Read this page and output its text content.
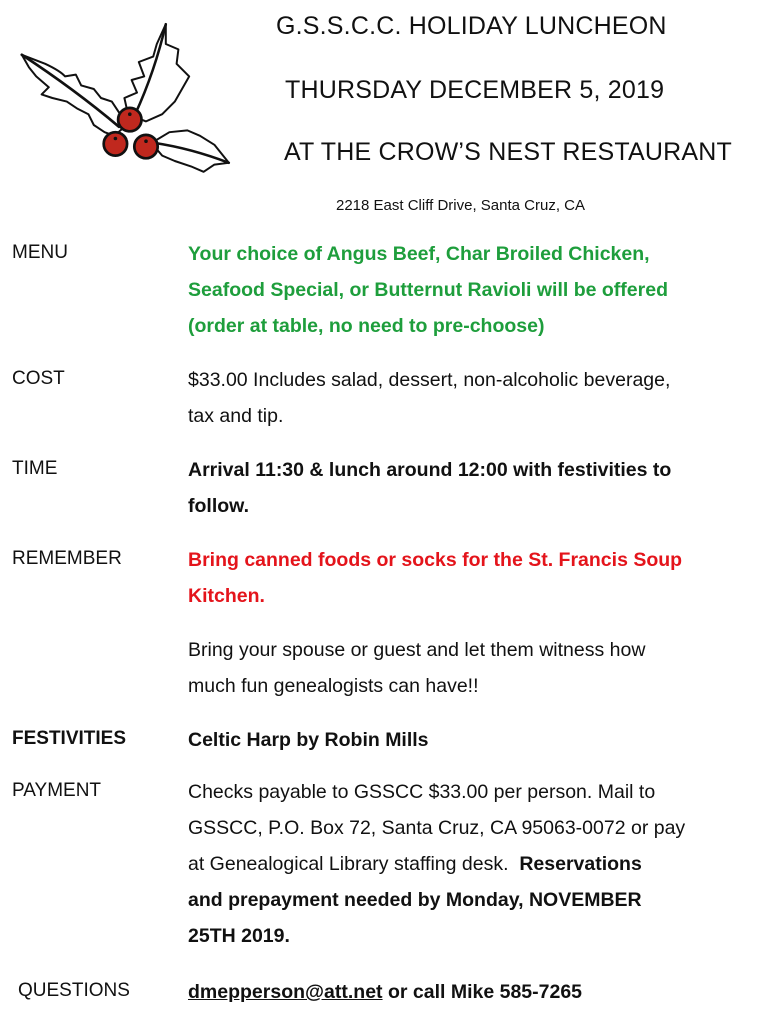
G.S.S.C.C. HOLIDAY LUNCHEON
THURSDAY DECEMBER 5, 2019
AT THE CROW’S NEST RESTAURANT
2218 East Cliff Drive, Santa Cruz, CA
MENU	Your choice of Angus Beef, Char Broiled Chicken,
Seafood Special, or Butternut Ravioli will be offered
(order at table, no need to pre-choose)
COST	$33.00 Includes salad, dessert, non-alcoholic beverage,
tax and tip.
TIME	Arrival 11:30 & lunch around 12:00 with festivities to
follow.
REMEMBER	Bring canned foods or socks for the St. Francis Soup
Kitchen.
Bring your spouse or guest and let them witness how
much fun genealogists can have!!
FESTIVITIES	Celtic Harp by Robin Mills
PAYMENT	Checks payable to GSSCC $33.00 per person. Mail to
GSSCC, P.O. Box 72, Santa Cruz, CA 95063-0072 or pay
at Genealogical Library staffing desk.  Reservations
and prepayment needed by Monday, NOVEMBER
25TH 2019.
QUESTIONS	dmepperson@att.net or call Mike 585-7265
